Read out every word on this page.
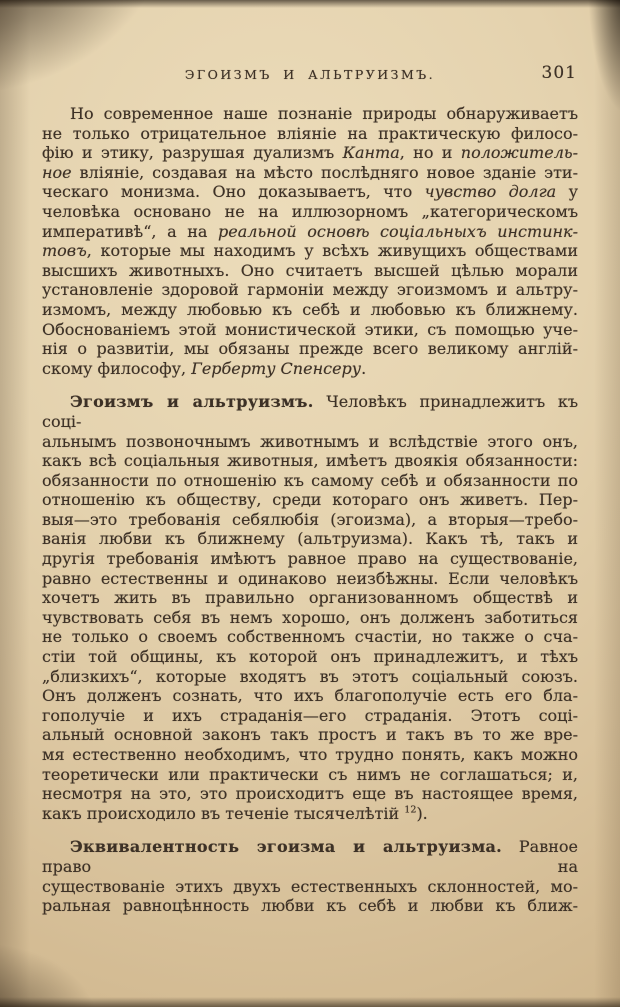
ЭГОИЗМЪ И АЛЬТРУИЗМЪ.	301
Но современное наше познаніе природы обнаруживаетъ
не только отрицательное вліяніе на практическую филосо-
фію и этику, разрушая дуализмъ Канта, но и положитель-
ное вліяніе, создавая на мѣсто послѣдняго новое зданіе эти-
ческаго монизма. Оно доказываетъ, что чувство долга у
человѣка основано не на иллюзорномъ „категорическомъ
императивѣ“, а на реальной основѣ соціальныхъ инстинк-
товъ, которые мы находимъ у всѣхъ живущихъ обществами
высшихъ животныхъ. Оно считаетъ высшей цѣлью морали
установленіе здоровой гармоніи между эгоизмомъ и альтру-
измомъ, между любовью къ себѣ и любовью къ ближнему.
Обоснованіемъ этой монистической этики, съ помощью уче-
нія о развитіи, мы обязаны прежде всего великому англій-
скому философу, Герберту Спенсеру.
Эгоизмъ и альтруизмъ. Человѣкъ принадлежитъ къ соці-
альнымъ позвоночнымъ животнымъ и вслѣдствіе этого онъ,
какъ всѣ соціальныя животныя, имѣетъ двоякія обязанности:
обязанности по отношенію къ самому себѣ и обязанности по
отношенію къ обществу, среди котораго онъ живетъ. Пер-
выя—это требованія себялюбія (эгоизма), а вторыя—требо-
ванія любви къ ближнему (альтруизма). Какъ тѣ, такъ и
другія требованія имѣютъ равное право на существованіе,
равно естественны и одинаково неизбѣжны. Если человѣкъ
хочетъ жить въ правильно организованномъ обществѣ и
чувствовать себя въ немъ хорошо, онъ долженъ заботиться
не только о своемъ собственномъ счастіи, но также о сча-
стіи той общины, къ которой онъ принадлежитъ, и тѣхъ
„близкихъ“, которые входятъ въ этотъ соціальный союзъ.
Онъ долженъ сознать, что ихъ благополучіе есть его бла-
гополучіе и ихъ страданія—его страданія. Этотъ соці-
альный основной законъ такъ простъ и такъ въ то же вре-
мя естественно необходимъ, что трудно понять, какъ можно
теоретически или практически съ нимъ не соглашаться; и,
несмотря на это, это происходитъ еще въ настоящее время,
какъ происходило въ теченіе тысячелѣтій $^{12}$).
Эквивалентность эгоизма и альтруизма. Равное право на
существованіе этихъ двухъ естественныхъ склонностей, мо-
ральная равноцѣнность любви къ себѣ и любви къ ближ-
